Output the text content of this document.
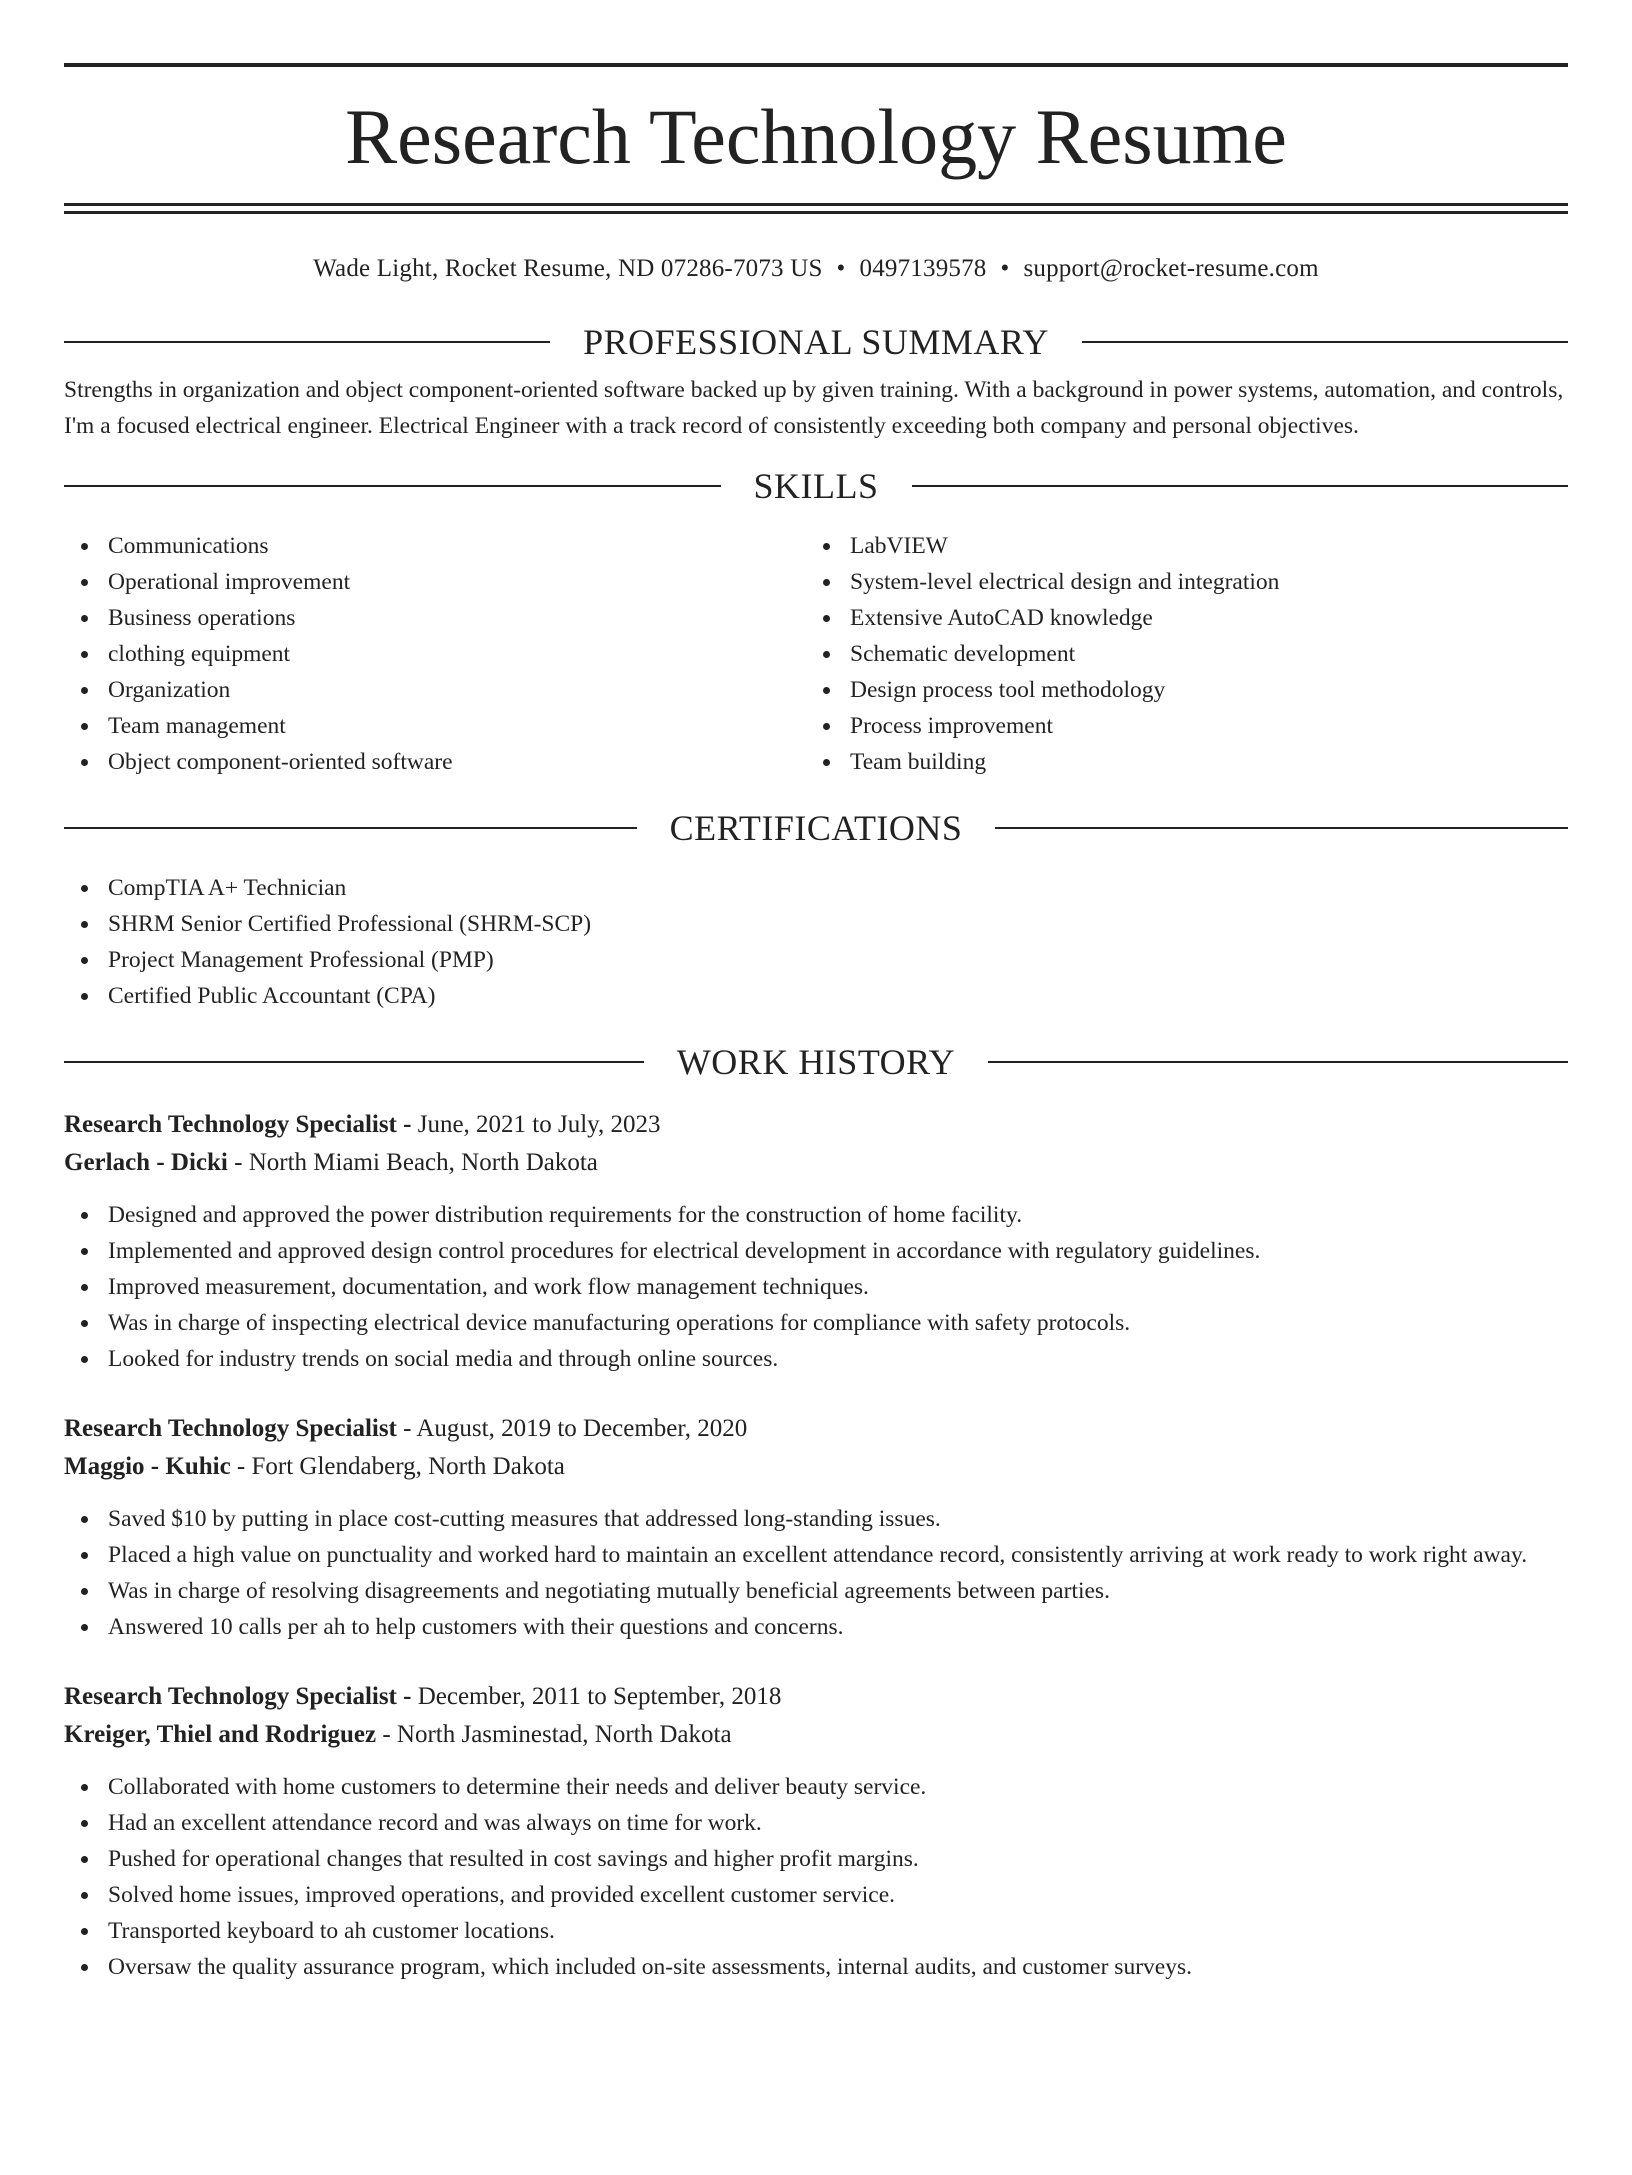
Research Technology Resume
Wade Light, Rocket Resume, ND 07286-7073 US • 0497139578 • support@rocket-resume.com
PROFESSIONAL SUMMARY
Strengths in organization and object component-oriented software backed up by given training. With a background in power systems, automation, and controls, I'm a focused electrical engineer. Electrical Engineer with a track record of consistently exceeding both company and personal objectives.
SKILLS
Communications
Operational improvement
Business operations
clothing equipment
Organization
Team management
Object component-oriented software
LabVIEW
System-level electrical design and integration
Extensive AutoCAD knowledge
Schematic development
Design process tool methodology
Process improvement
Team building
CERTIFICATIONS
CompTIA A+ Technician
SHRM Senior Certified Professional (SHRM-SCP)
Project Management Professional (PMP)
Certified Public Accountant (CPA)
WORK HISTORY
Research Technology Specialist - June, 2021 to July, 2023
Gerlach - Dicki - North Miami Beach, North Dakota
Designed and approved the power distribution requirements for the construction of home facility.
Implemented and approved design control procedures for electrical development in accordance with regulatory guidelines.
Improved measurement, documentation, and work flow management techniques.
Was in charge of inspecting electrical device manufacturing operations for compliance with safety protocols.
Looked for industry trends on social media and through online sources.
Research Technology Specialist - August, 2019 to December, 2020
Maggio - Kuhic - Fort Glendaberg, North Dakota
Saved $10 by putting in place cost-cutting measures that addressed long-standing issues.
Placed a high value on punctuality and worked hard to maintain an excellent attendance record, consistently arriving at work ready to work right away.
Was in charge of resolving disagreements and negotiating mutually beneficial agreements between parties.
Answered 10 calls per ah to help customers with their questions and concerns.
Research Technology Specialist - December, 2011 to September, 2018
Kreiger, Thiel and Rodriguez - North Jasminestad, North Dakota
Collaborated with home customers to determine their needs and deliver beauty service.
Had an excellent attendance record and was always on time for work.
Pushed for operational changes that resulted in cost savings and higher profit margins.
Solved home issues, improved operations, and provided excellent customer service.
Transported keyboard to ah customer locations.
Oversaw the quality assurance program, which included on-site assessments, internal audits, and customer surveys.
